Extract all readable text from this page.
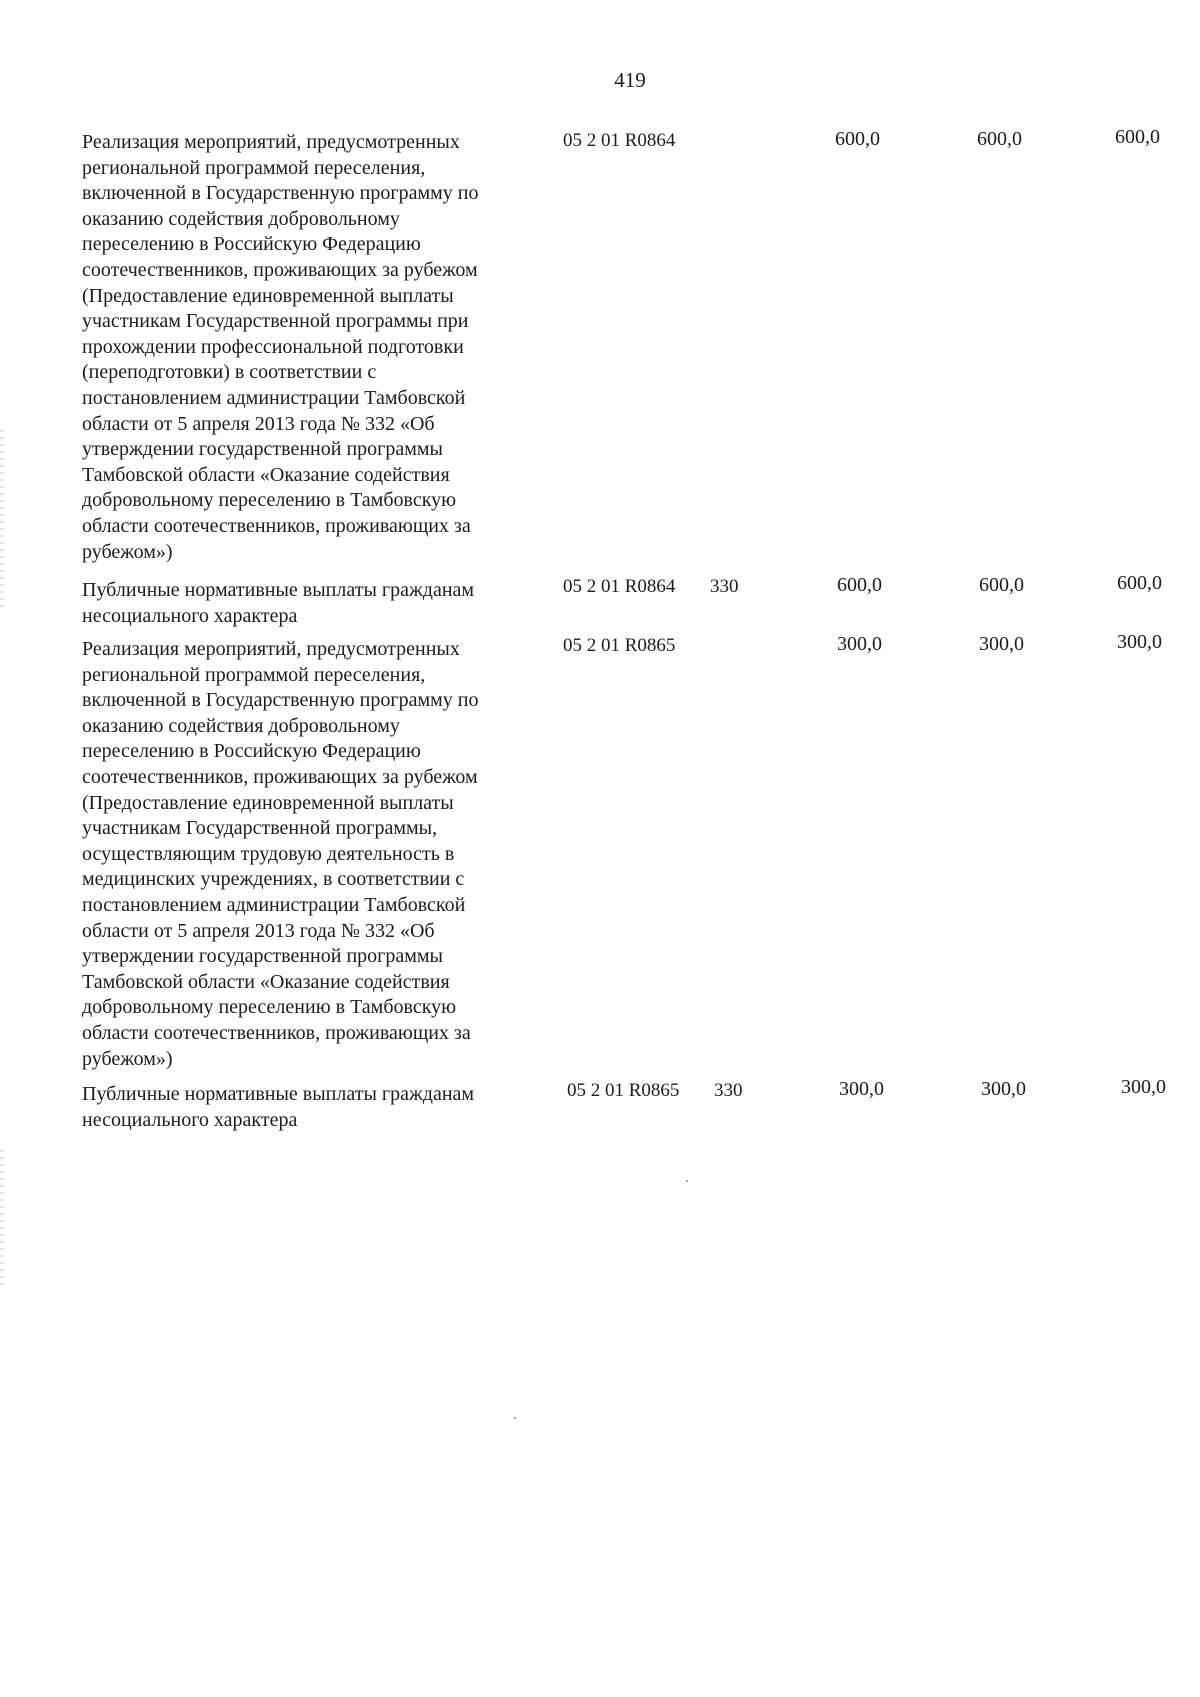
419
Реализация мероприятий, предусмотренных
региональной программой переселения,
включенной в Государственную программу по
оказанию содействия добровольному
переселению в Российскую Федерацию
соотечественников, проживающих за рубежом
(Предоставление единовременной выплаты
участникам Государственной программы при
прохождении профессиональной подготовки
(переподготовки) в соответствии с
постановлением администрации Тамбовской
области от 5 апреля 2013 года № 332 «Об
утверждении государственной программы
Тамбовской области «Оказание содействия
добровольному переселению в Тамбовскую
области соотечественников, проживающих за
рубежом»)
05 2 01 R0864	600,0	600,0	600,0
Публичные нормативные выплаты гражданам
несоциального характера
05 2 01 R0864 330	600,0	600,0	600,0
Реализация мероприятий, предусмотренных
региональной программой переселения,
включенной в Государственную программу по
оказанию содействия добровольному
переселению в Российскую Федерацию
соотечественников, проживающих за рубежом
(Предоставление единовременной выплаты
участникам Государственной программы,
осуществляющим трудовую деятельность в
медицинских учреждениях, в соответствии с
постановлением администрации Тамбовской
области от 5 апреля 2013 года № 332 «Об
утверждении государственной программы
Тамбовской области «Оказание содействия
добровольному переселению в Тамбовскую
области соотечественников, проживающих за
рубежом»)
05 2 01 R0865	300,0	300,0	300,0
Публичные нормативные выплаты гражданам
несоциального характера
05 2 01 R0865 330	300,0	300,0	300,0
